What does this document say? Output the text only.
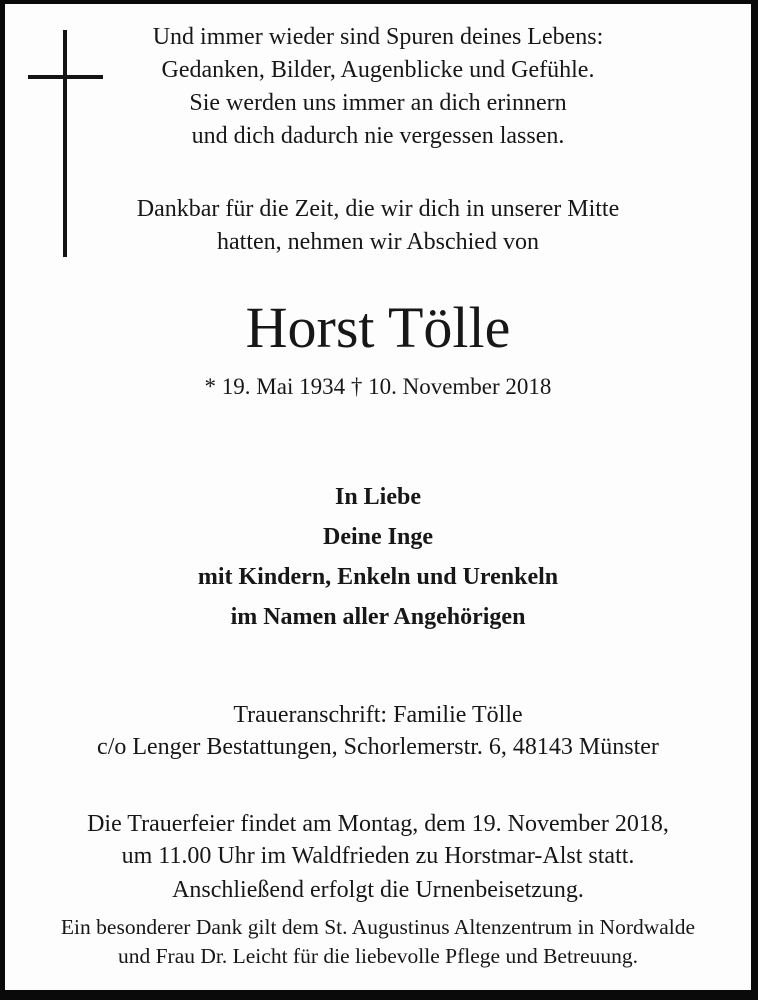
Und immer wieder sind Spuren deines Lebens:
Gedanken, Bilder, Augenblicke und Gefühle.
Sie werden uns immer an dich erinnern
und dich dadurch nie vergessen lassen.
Dankbar für die Zeit, die wir dich in unserer Mitte
hatten, nehmen wir Abschied von
Horst Tölle
* 19. Mai 1934 † 10. November 2018
In Liebe
Deine Inge
mit Kindern, Enkeln und Urenkeln
im Namen aller Angehörigen
Traueranschrift: Familie Tölle
c/o Lenger Bestattungen, Schorlemerstr. 6, 48143 Münster
Die Trauerfeier findet am Montag, dem 19. November 2018,
um 11.00 Uhr im Waldfrieden zu Horstmar-Alst statt.
Anschließend erfolgt die Urnenbeisetzung.
Ein besonderer Dank gilt dem St. Augustinus Altenzentrum in Nordwalde
und Frau Dr. Leicht für die liebevolle Pflege und Betreuung.
